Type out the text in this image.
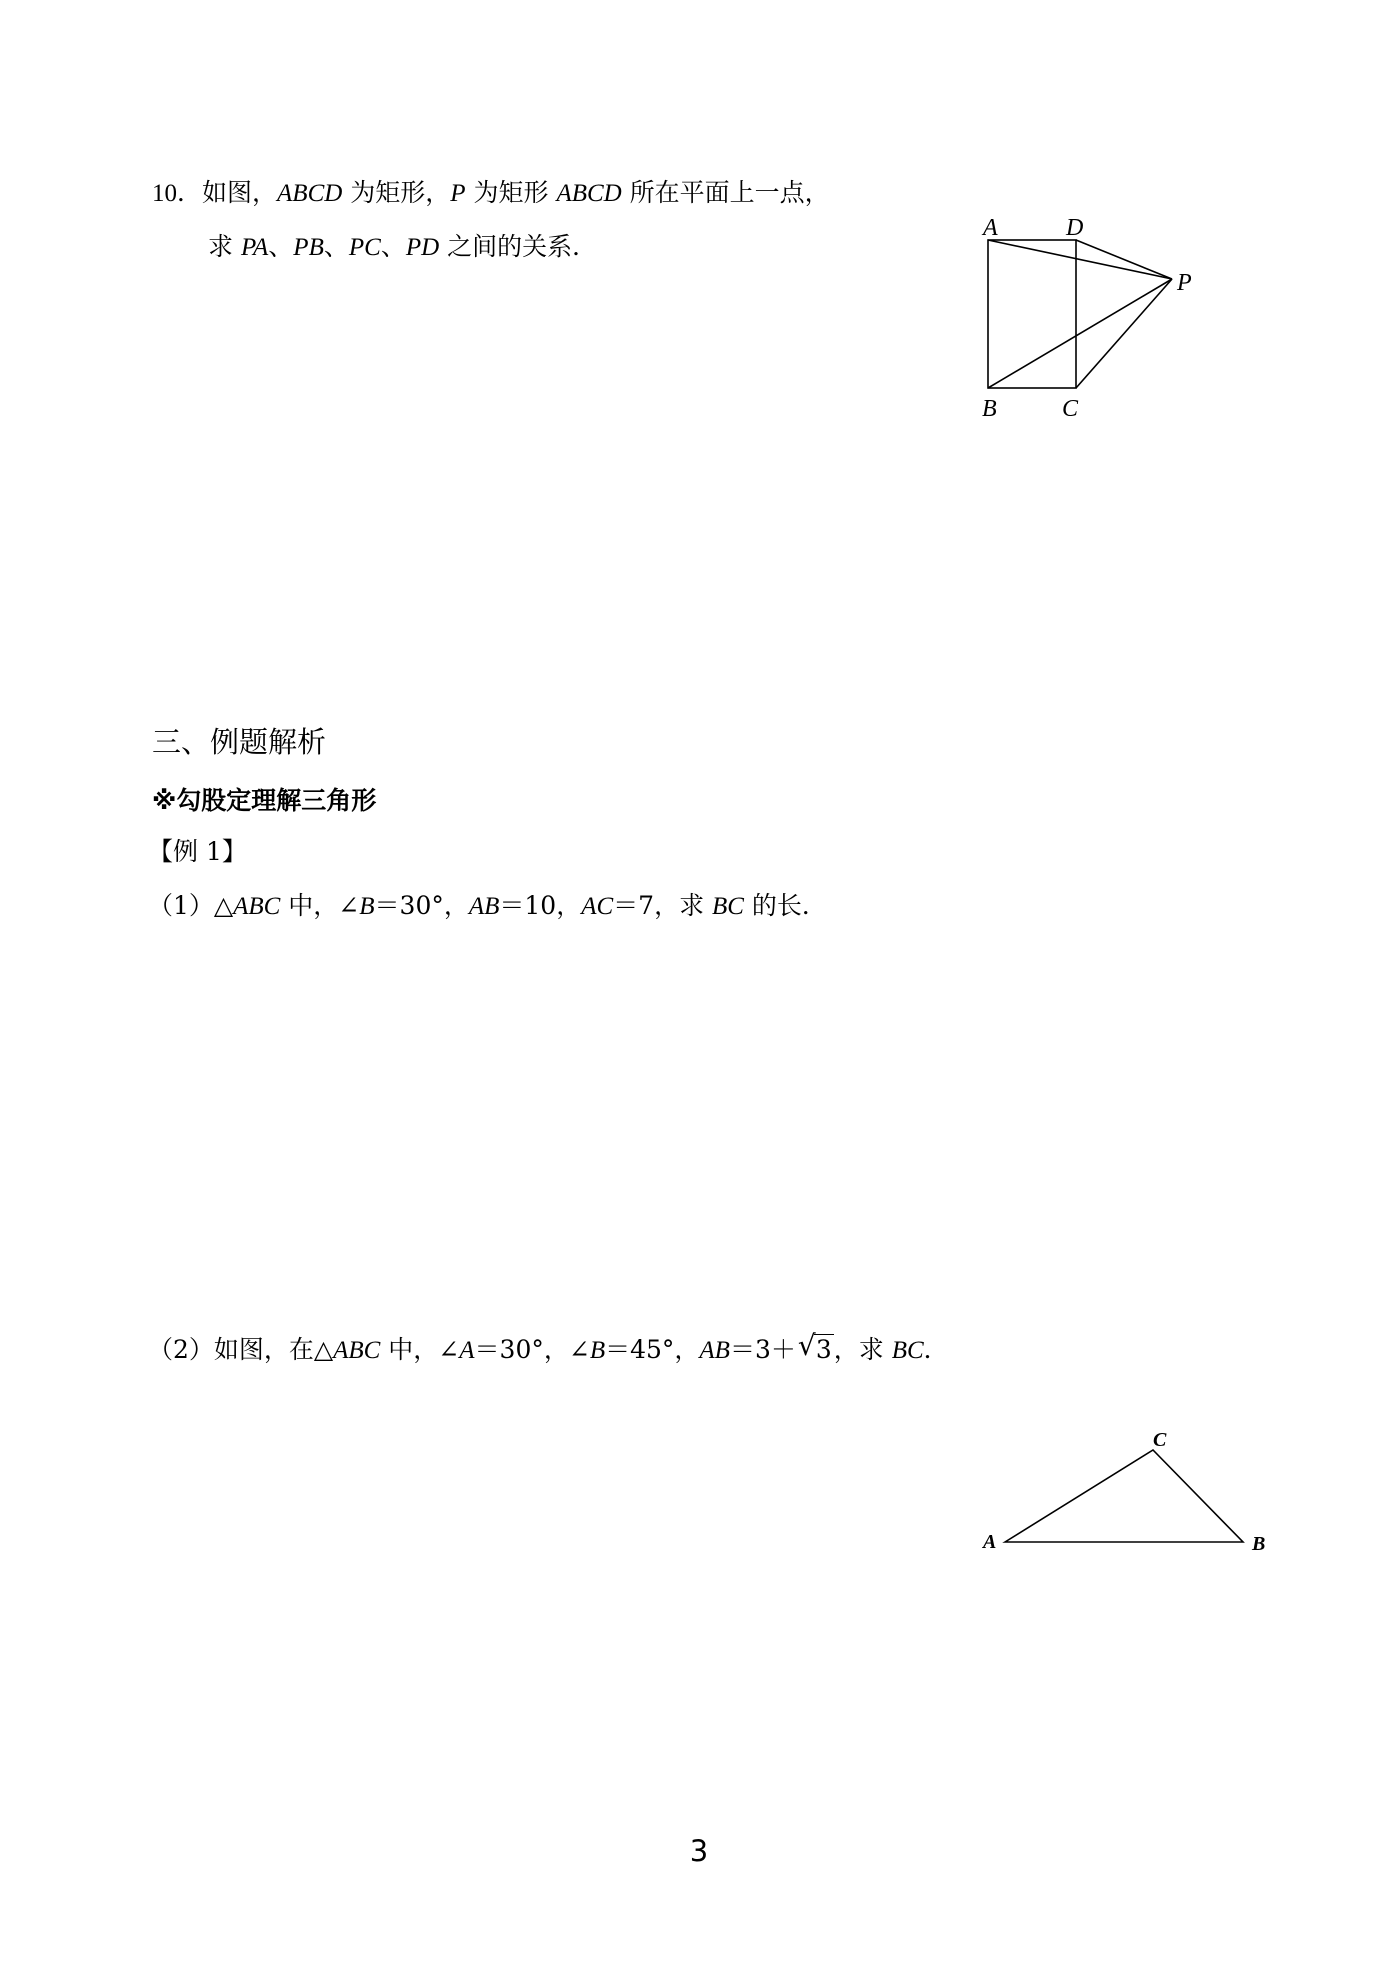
10．如图，ABCD 为矩形，P 为矩形 ABCD 所在平面上一点，
求 PA、PB、PC、PD 之间的关系．
A	D
P
B	C
三、例题解析
※勾股定理解三角形
【例 1】
（1）△ABC 中，∠B＝30°，AB＝10，AC＝7，求 BC 的长．
（2）如图，在△ABC 中，∠A＝30°，∠B＝45°，AB＝3＋ √ 3，求 BC．
A	B
C
3
